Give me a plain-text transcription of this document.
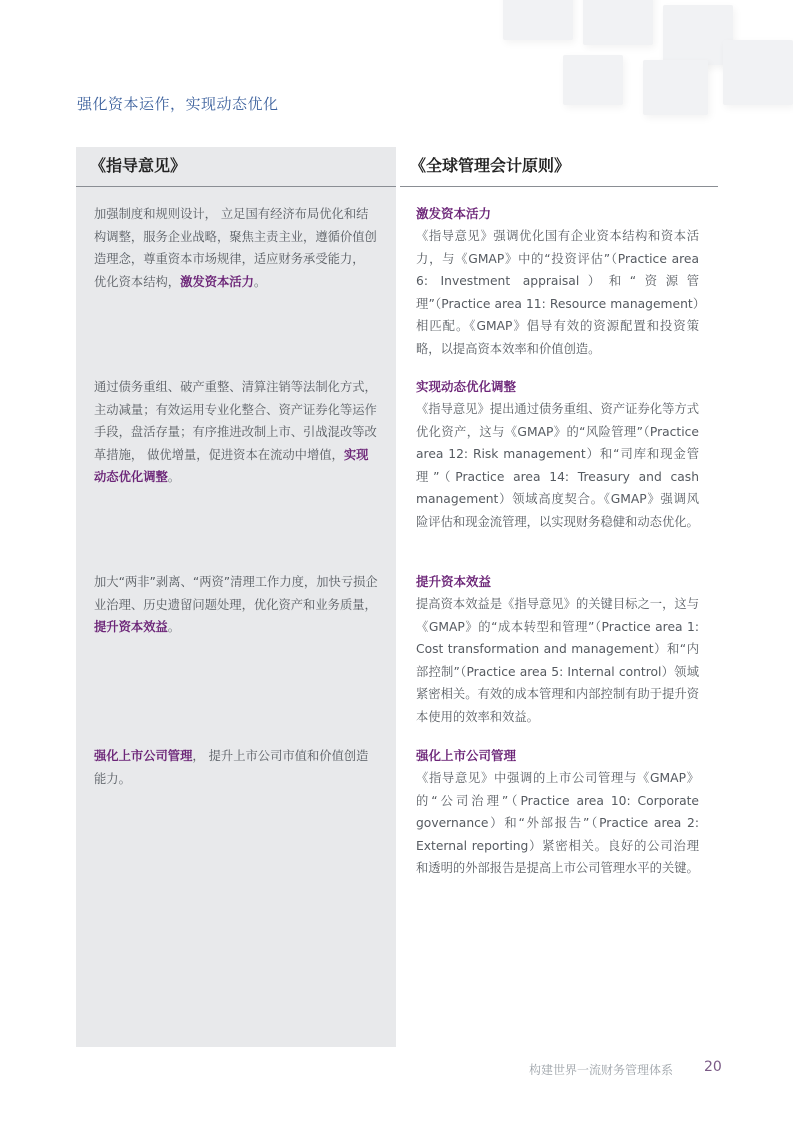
强化资本运作，实现动态优化
《指导意见》	《全球管理会计原则》
加强制度和规则设计， 立足国有经济布局优化和结构调整，服务企业战略，聚焦主责主业，遵循价值创造理念，尊重资本市场规律，适应财务承受能力， 优化资本结构，激发资本活力。
通过债务重组、破产重整、清算注销等法制化方式，主动减量；有效运用专业化整合、资产证券化等运作手段，盘活存量；有序推进改制上市、引战混改等改革措施， 做优增量，促进资本在流动中增值，实现动态优化调整。
加大“两非”剥离、“两资”清理工作力度，加快亏损企业治理、历史遗留问题处理，优化资产和业务质量，提升资本效益。
强化上市公司管理， 提升上市公司市值和价值创造能力。
激发资本活力
《指导意见》强调优化国有企业资本结构和资本活力，与《GMAP》中的“投资评估”（Practice area 6: Investment appraisal）和“资源管理”（Practice area 11: Resource management）相匹配。《GMAP》倡导有效的资源配置和投资策略，以提高资本效率和价值创造。
实现动态优化调整
《指导意见》提出通过债务重组、资产证券化等方式优化资产，这与《GMAP》的“风险管理”（Practice area 12: Risk management）和“司库和现金管理”（Practice area 14: Treasury and cash management）领域高度契合。《GMAP》强调风险评估和现金流管理，以实现财务稳健和动态优化。
提升资本效益
提高资本效益是《指导意见》的关键目标之一，这与《GMAP》的“成本转型和管理”（Practice area 1: Cost transformation and management）和“内部控制”（Practice area 5: Internal control）领域紧密相关。有效的成本管理和内部控制有助于提升资本使用的效率和效益。
强化上市公司管理
《指导意见》中强调的上市公司管理与《GMAP》的“公司治理”（Practice area 10: Corporate governance）和“外部报告”（Practice area 2: External reporting）紧密相关。良好的公司治理和透明的外部报告是提高上市公司管理水平的关键。
构建世界一流财务管理体系 20
